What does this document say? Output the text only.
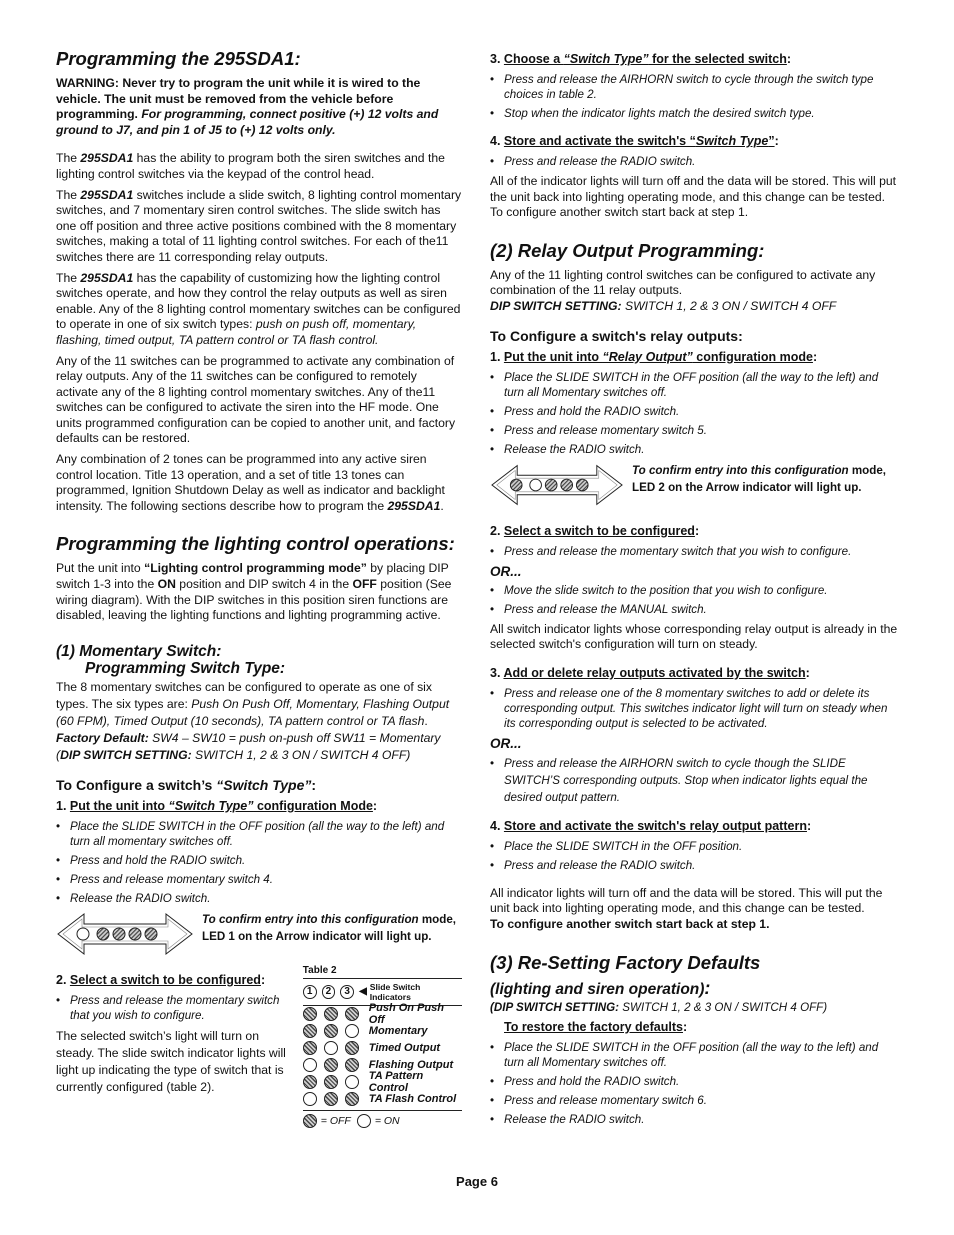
Programming the 295SDA1:

WARNING: Never try to program the unit while it is wired to the vehicle. The unit must be removed from the vehicle before programming. For programming, connect positive (+) 12 volts and ground to J7, and pin 1 of J5 to (+) 12 volts only.

The 295SDA1 has the ability to program both the siren switches and the lighting control switches via the keypad of the control head.

The 295SDA1 switches include a slide switch, 8 lighting control momentary switches, and 7 momentary siren control switches. The slide switch has one off position and three active positions combined with the 8 momentary switches, making a total of 11 lighting control switches. For each of the11 switches there are 11 corresponding relay outputs.

The 295SDA1 has the capability of customizing how the lighting control switches operate, and how they control the relay outputs as well as siren enable. Any of the 8 lighting control momentary switches can be configured to operate in one of six switch types: push on push off, momentary, flashing, timed output, TA pattern control or TA flash control.

Any of the 11 switches can be programmed to activate any combination of relay outputs. Any of the 11 switches can be configured to remotely activate any of the 8 lighting control momentary switches. Any of the11 switches can be configured to activate the siren into the HF mode. One units programmed configuration can be copied to another unit, and factory defaults can be restored.

Any combination of 2 tones can be programmed into any active siren control location. Title 13 operation, and a set of title 13 tones can programmed, Ignition Shutdown Delay as well as indicator and backlight intensity. The following sections describe how to program the 295SDA1.

Programming the lighting control operations:

Put the unit into “Lighting control programming mode” by placing DIP switch 1-3 into the ON position and DIP switch 4 in the OFF position (See wiring diagram). With the DIP switches in this position siren functions are disabled, leaving the lighting functions and lighting programming active.

(1) Momentary Switch:
Programming Switch Type:

The 8 momentary switches can be configured to operate as one of six types. The six types are: Push On Push Off, Momentary, Flashing Output (60 FPM), Timed Output (10 seconds), TA pattern control or TA flash.
Factory Default: SW4 – SW10 = push on-push off SW11 = Momentary (DIP SWITCH SETTING: SWITCH 1, 2 & 3 ON / SWITCH 4 OFF)

To Configure a switch’s “Switch Type”:
1. Put the unit into “Switch Type” configuration Mode:
• Place the SLIDE SWITCH in the OFF position (all the way to the left) and turn all momentary switches off.
• Press and hold the RADIO switch.
• Press and release momentary switch 4.
• Release the RADIO switch.
To confirm entry into this configuration mode, LED 1 on the Arrow indicator will light up.
2. Select a switch to be configured:
• Press and release the momentary switch that you wish to configure.

The selected switch’s light will turn on steady. The slide switch indicator lights will light up indicating the type of switch that is currently configured (table 2).

Table 2
1	2	3 ◀ Slide Switch Indicators
Push On Push Off
Momentary
Timed Output
Flashing Output
TA Pattern Control
TA Flash Control
= OFF = ON
3. Choose a “Switch Type” for the selected switch:
• Press and release the AIRHORN switch to cycle through the switch type choices in table 2.
• Stop when the indicator lights match the desired switch type.
4. Store and activate the switch's “Switch Type”:
• Press and release the RADIO switch.

All of the indicator lights will turn off and the data will be stored. This will put the unit back into lighting operating mode, and this change can be tested. To configure another switch start back at step 1.

(2) Relay Output Programming:

Any of the 11 lighting control switches can be configured to activate any combination of the 11 relay outputs.
DIP SWITCH SETTING: SWITCH 1, 2 & 3 ON / SWITCH 4 OFF

To Configure a switch's relay outputs:
1. Put the unit into “Relay Output” configuration mode:
• Place the SLIDE SWITCH in the OFF position (all the way to the left) and turn all Momentary switches off.
• Press and hold the RADIO switch.
• Press and release momentary switch 5.
• Release the RADIO switch.
To confirm entry into this configuration mode, LED 2 on the Arrow indicator will light up.
2. Select a switch to be configured:
• Press and release the momentary switch that you wish to configure.
OR...
• Move the slide switch to the position that you wish to configure.
• Press and release the MANUAL switch.

All switch indicator lights whose corresponding relay output is already in the selected switch's configuration will turn on steady.

3. Add or delete relay outputs activated by the switch:
• Press and release one of the 8 momentary switches to add or delete its corresponding output. This switches indicator light will turn on steady when its corresponding output is selected to be activated.
OR...
• Press and release the AIRHORN switch to cycle though the SLIDE SWITCH’S corresponding outputs. Stop when indicator lights equal the desired output pattern.
4. Store and activate the switch's relay output pattern:
• Place the SLIDE SWITCH in the OFF position.
• Press and release the RADIO switch.

All indicator lights will turn off and the data will be stored. This will put the unit back into lighting operating mode, and this change can be tested.
To configure another switch start back at step 1.

(3) Re-Setting Factory Defaults
(lighting and siren operation):

(DIP SWITCH SETTING: SWITCH 1, 2 & 3 ON / SWITCH 4 OFF)

To restore the factory defaults:
• Place the SLIDE SWITCH in the OFF position (all the way to the left) and turn all Momentary switches off.
• Press and hold the RADIO switch.
• Press and release momentary switch 6.
• Release the RADIO switch.
Page 6
